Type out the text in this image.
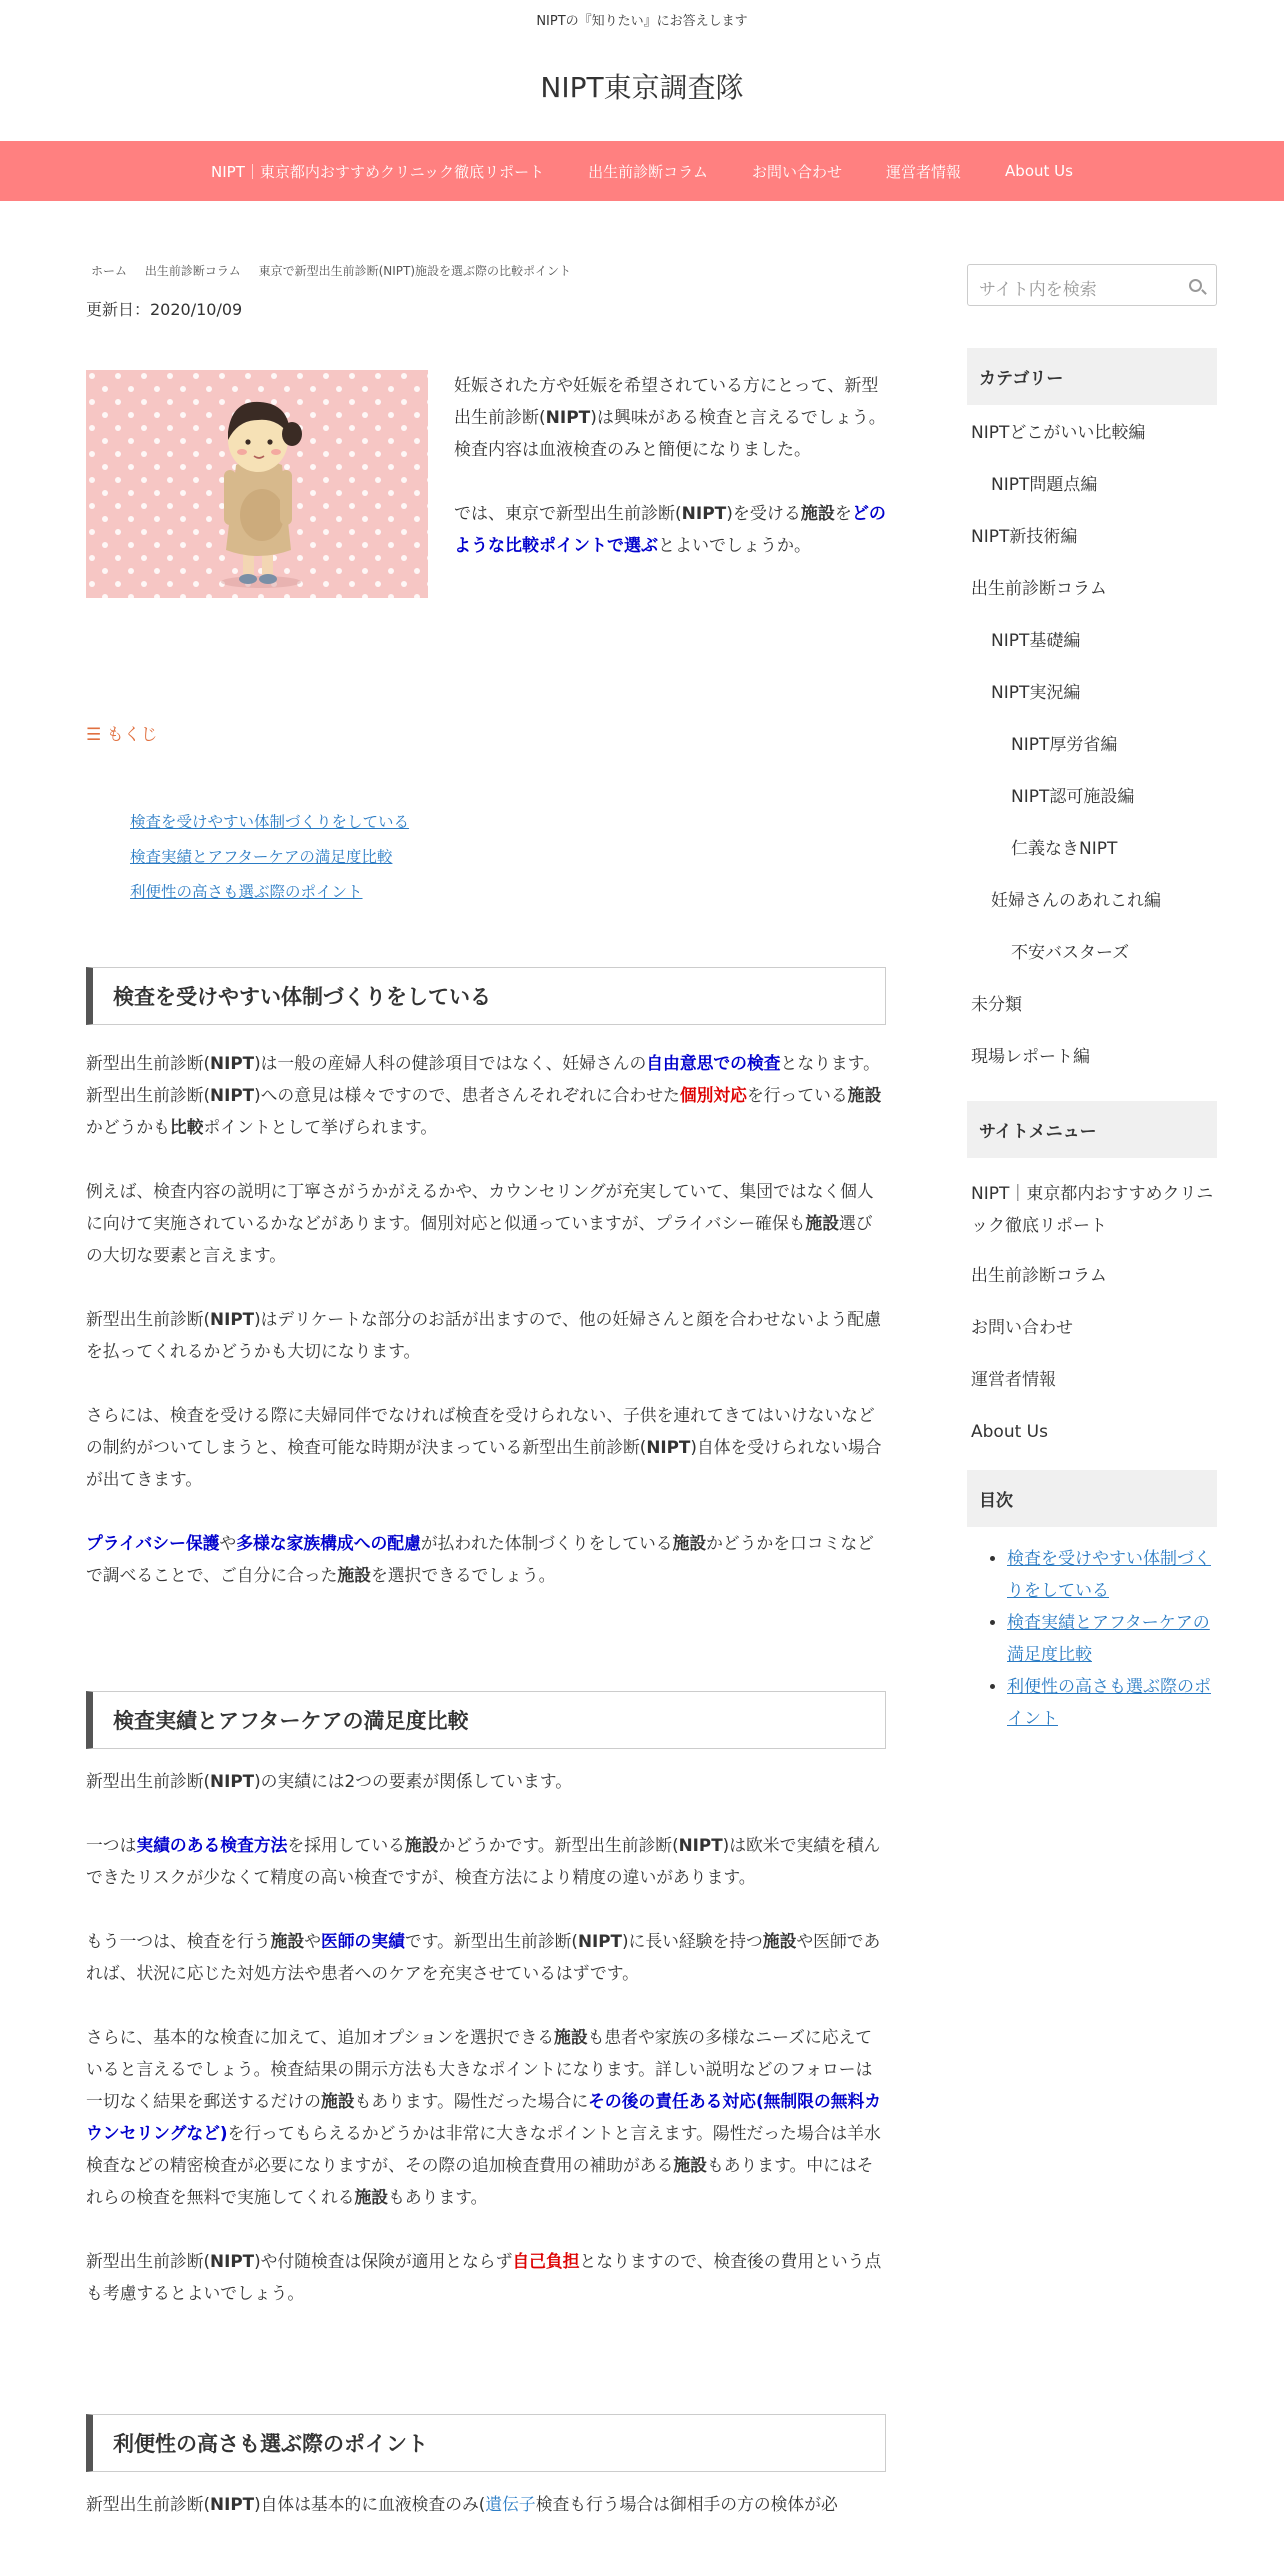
NIPTの『知りたい』にお答えします
NIPT東京調査隊
NIPT｜東京都内おすすめクリニック徹底リポート	出生前診断コラム	お問い合わせ	運営者情報	About Us
ホーム 出生前診断コラム 東京で新型出生前診断(NIPT)施設を選ぶ際の比較ポイント
更新日：2020/10/09

妊娠された方や妊娠を希望されている方にとって、新型出生前診断(NIPT)は興味がある検査と言えるでしょう。検査内容は血液検査のみと簡便になりました。

では、東京で新型出生前診断(NIPT)を受ける施設をどのような比較ポイントで選ぶとよいでしょうか。

☰ もくじ
検査を受けやすい体制づくりをしている
検査実績とアフターケアの満足度比較
利便性の高さも選ぶ際のポイント
検査を受けやすい体制づくりをしている

新型出生前診断(NIPT)は一般の産婦人科の健診項目ではなく、妊婦さんの自由意思での検査となります。新型出生前診断(NIPT)への意見は様々ですので、患者さんそれぞれに合わせた個別対応を行っている施設かどうかも比較ポイントとして挙げられます。

例えば、検査内容の説明に丁寧さがうかがえるかや、カウンセリングが充実していて、集団ではなく個人に向けて実施されているかなどがあります。個別対応と似通っていますが、プライバシー確保も施設選びの大切な要素と言えます。

新型出生前診断(NIPT)はデリケートな部分のお話が出ますので、他の妊婦さんと顔を合わせないよう配慮を払ってくれるかどうかも大切になります。

さらには、検査を受ける際に夫婦同伴でなければ検査を受けられない、子供を連れてきてはいけないなどの制約がついてしまうと、検査可能な時期が決まっている新型出生前診断(NIPT)自体を受けられない場合が出てきます。

プライバシー保護や多様な家族構成への配慮が払われた体制づくりをしている施設かどうかを口コミなどで調べることで、ご自分に合った施設を選択できるでしょう。

検査実績とアフターケアの満足度比較

新型出生前診断(NIPT)の実績には2つの要素が関係しています。

一つは実績のある検査方法を採用している施設かどうかです。新型出生前診断(NIPT)は欧米で実績を積んできたリスクが少なくて精度の高い検査ですが、検査方法により精度の違いがあります。

もう一つは、検査を行う施設や医師の実績です。新型出生前診断(NIPT)に長い経験を持つ施設や医師であれば、状況に応じた対処方法や患者へのケアを充実させているはずです。

さらに、基本的な検査に加えて、追加オプションを選択できる施設も患者や家族の多様なニーズに応えていると言えるでしょう。検査結果の開示方法も大きなポイントになります。詳しい説明などのフォローは一切なく結果を郵送するだけの施設もあります。陽性だった場合にその後の責任ある対応(無制限の無料カウンセリングなど)を行ってもらえるかどうかは非常に大きなポイントと言えます。陽性だった場合は羊水検査などの精密検査が必要になりますが、その際の追加検査費用の補助がある施設もあります。中にはそれらの検査を無料で実施してくれる施設もあります。

新型出生前診断(NIPT)や付随検査は保険が適用とならず自己負担となりますので、検査後の費用という点も考慮するとよいでしょう。

利便性の高さも選ぶ際のポイント

新型出生前診断(NIPT)自体は基本的に血液検査のみ(遺伝子検査も行う場合は御相手の方の検体が必

サイト内を検索
カテゴリー
NIPTどこがいい比較編
NIPT問題点編
NIPT新技術編
出生前診断コラム
NIPT基礎編
NIPT実況編
NIPT厚労省編
NIPT認可施設編
仁義なきNIPT
妊婦さんのあれこれ編
不安バスターズ
未分類
現場レポート編
サイトメニュー
NIPT｜東京都内おすすめクリニック徹底リポート
出生前診断コラム
お問い合わせ
運営者情報
About Us
目次
• 検査を受けやすい体制づくりをしている
• 検査実績とアフターケアの満足度比較
• 利便性の高さも選ぶ際のポイント
